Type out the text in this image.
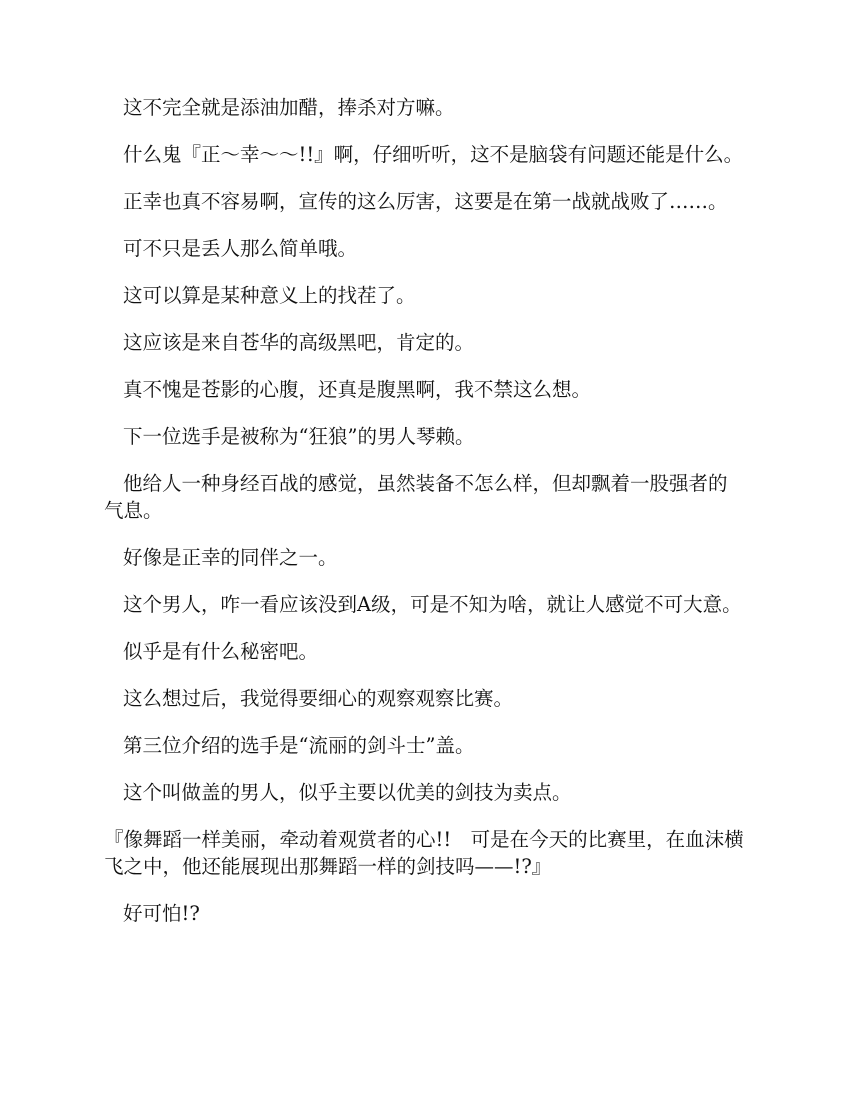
这不完全就是添油加醋，捧杀对方嘛。

什么鬼『正～幸～～!!』啊，仔细听听，这不是脑袋有问题还能是什么。

正幸也真不容易啊，宣传的这么厉害，这要是在第一战就战败了……。

可不只是丢人那么简单哦。

这可以算是某种意义上的找茬了。

这应该是来自苍华的高级黑吧，肯定的。

真不愧是苍影的心腹，还真是腹黑啊，我不禁这么想。

下一位选手是被称为“狂狼”的男人琴赖。

他给人一种身经百战的感觉，虽然装备不怎么样，但却飘着一股强者的气息。

好像是正幸的同伴之一。

这个男人，咋一看应该没到A级，可是不知为啥，就让人感觉不可大意。

似乎是有什么秘密吧。

这么想过后，我觉得要细心的观察观察比赛。

第三位介绍的选手是“流丽的剑斗士”盖。

这个叫做盖的男人，似乎主要以优美的剑技为卖点。

『像舞蹈一样美丽，牵动着观赏者的心!!　可是在今天的比赛里，在血沫横飞之中，他还能展现出那舞蹈一样的剑技吗——!?』

好可怕!?
